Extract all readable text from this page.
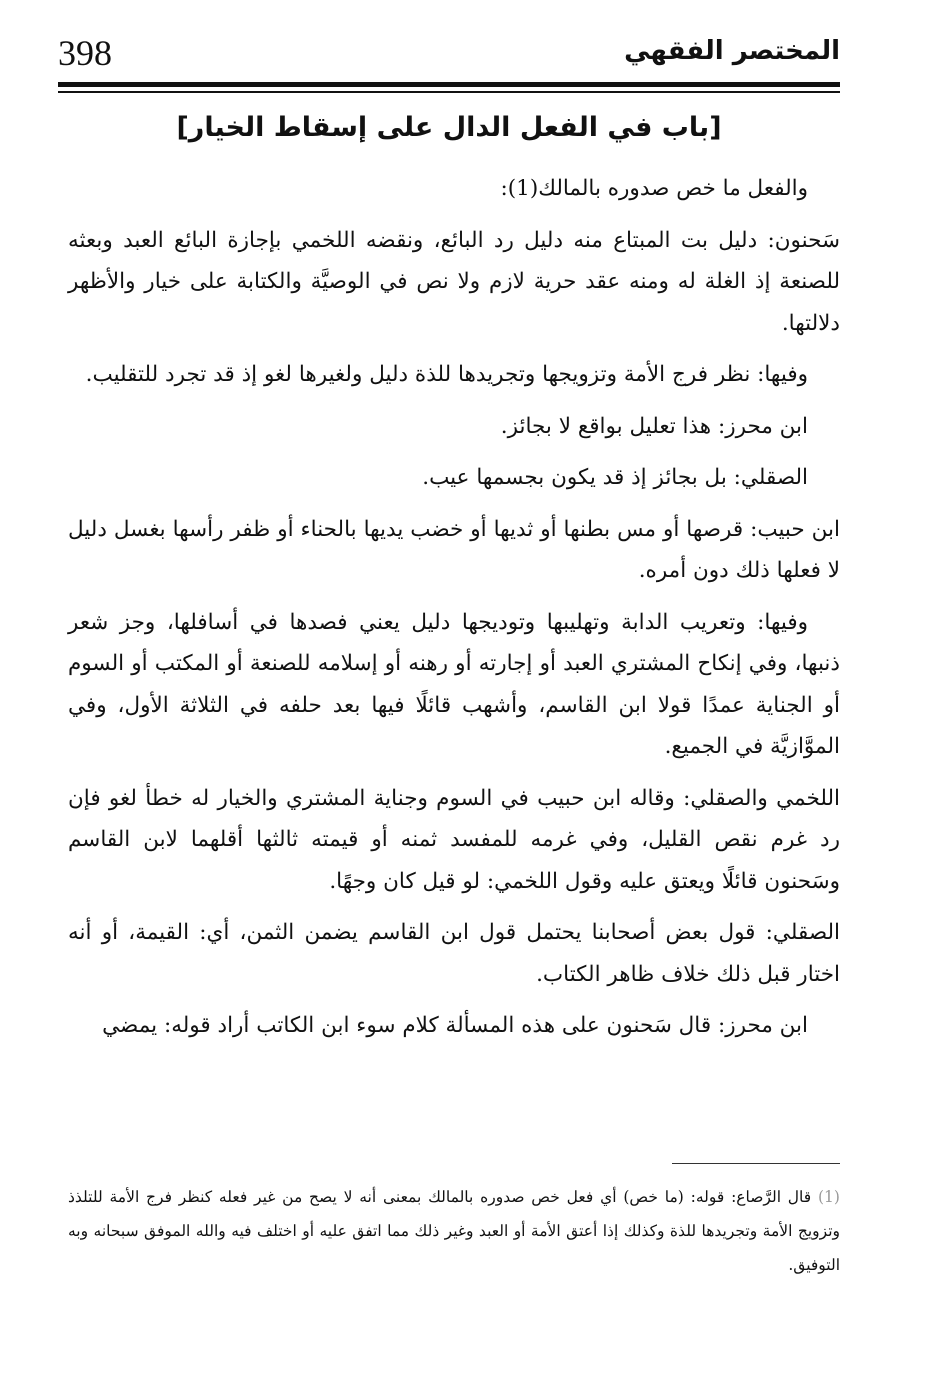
398	المختصر الفقهي
[باب في الفعل الدال على إسقاط الخيار]

والفعل ما خص صدوره بالمالك(1):

سَحنون: دليل بت المبتاع منه دليل رد البائع، ونقضه اللخمي بإجازة البائع العبد وبعثه للصنعة إذ الغلة له ومنه عقد حرية لازم ولا نص في الوصيَّة والكتابة على خيار والأظهر دلالتها.

وفيها: نظر فرج الأمة وتزويجها وتجريدها للذة دليل ولغيرها لغو إذ قد تجرد للتقليب.

ابن محرز: هذا تعليل بواقع لا بجائز.

الصقلي: بل بجائز إذ قد يكون بجسمها عيب.

ابن حبيب: قرصها أو مس بطنها أو ثديها أو خضب يديها بالحناء أو ظفر رأسها بغسل دليل لا فعلها ذلك دون أمره.

وفيها: وتعريب الدابة وتهليبها وتوديجها دليل يعني فصدها في أسافلها، وجز شعر ذنبها، وفي إنكاح المشتري العبد أو إجارته أو رهنه أو إسلامه للصنعة أو المكتب أو السوم أو الجناية عمدًا قولا ابن القاسم، وأشهب قائلًا فيها بعد حلفه في الثلاثة الأول، وفي الموَّازيَّة في الجميع.

اللخمي والصقلي: وقاله ابن حبيب في السوم وجناية المشتري والخيار له خطأ لغو فإن رد غرم نقص القليل، وفي غرمه للمفسد ثمنه أو قيمته ثالثها أقلهما لابن القاسم وسَحنون قائلًا ويعتق عليه وقول اللخمي: لو قيل كان وجهًا.

الصقلي: قول بعض أصحابنا يحتمل قول ابن القاسم يضمن الثمن، أي: القيمة، أو أنه اختار قبل ذلك خلاف ظاهر الكتاب.

ابن محرز: قال سَحنون على هذه المسألة كلام سوء ابن الكاتب أراد قوله: يمضي

(1) قال الرَّصاع: قوله: (ما خص) أي فعل خص صدوره بالمالك بمعنى أنه لا يصح من غير فعله كنظر فرج الأمة للتلذذ وتزويج الأمة وتجريدها للذة وكذلك إذا أعتق الأمة أو العبد وغير ذلك مما اتفق عليه أو اختلف فيه والله الموفق سبحانه وبه التوفيق.
